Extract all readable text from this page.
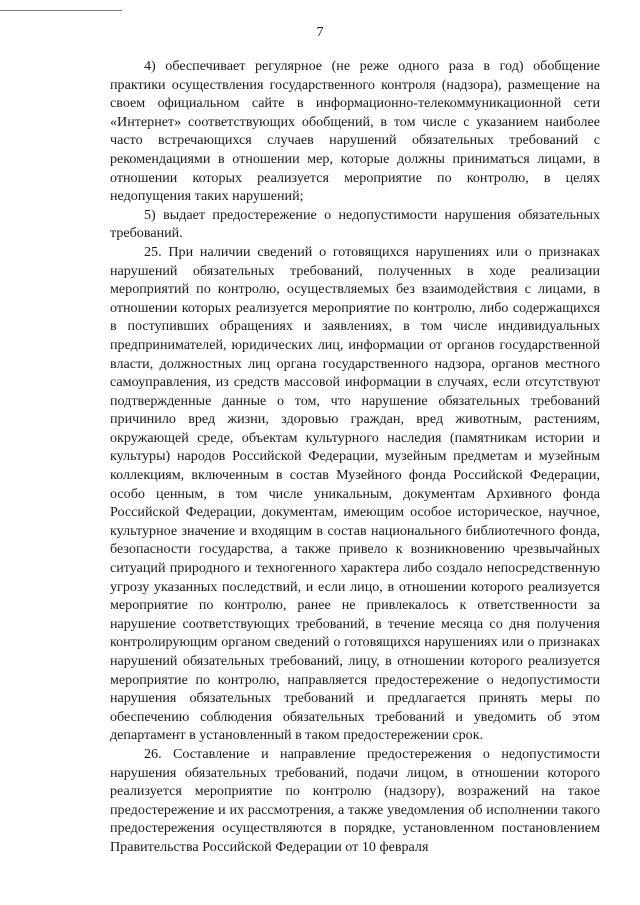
7

4) обеспечивает регулярное (не реже одного раза в год) обобщение практики осуществления государственного контроля (надзора), размещение на своем официальном сайте в информационно-телекоммуникационной сети «Интернет» соответствующих обобщений, в том числе с указанием наиболее часто встречающихся случаев нарушений обязательных требований с рекомендациями в отношении мер, которые должны приниматься лицами, в отношении которых реализуется мероприятие по контролю, в целях недопущения таких нарушений;

5) выдает предостережение о недопустимости нарушения обязательных требований.

25. При наличии сведений о готовящихся нарушениях или о признаках нарушений обязательных требований, полученных в ходе реализации мероприятий по контролю, осуществляемых без взаимодействия с лицами, в отношении которых реализуется мероприятие по контролю, либо содержащихся в поступивших обращениях и заявлениях, в том числе индивидуальных предпринимателей, юридических лиц, информации от органов государственной власти, должностных лиц органа государственного надзора, органов местного самоуправления, из средств массовой информации в случаях, если отсутствуют подтвержденные данные о том, что нарушение обязательных требований причинило вред жизни, здоровью граждан, вред животным, растениям, окружающей среде, объектам культурного наследия (памятникам истории и культуры) народов Российской Федерации, музейным предметам и музейным коллекциям, включенным в состав Музейного фонда Российской Федерации, особо ценным, в том числе уникальным, документам Архивного фонда Российской Федерации, документам, имеющим особое историческое, научное, культурное значение и входящим в состав национального библиотечного фонда, безопасности государства, а также привело к возникновению чрезвычайных ситуаций природного и техногенного характера либо создало непосредственную угрозу указанных последствий, и если лицо, в отношении которого реализуется мероприятие по контролю, ранее не привлекалось к ответственности за нарушение соответствующих требований, в течение месяца со дня получения контролирующим органом сведений о готовящихся нарушениях или о признаках нарушений обязательных требований, лицу, в отношении которого реализуется мероприятие по контролю, направляется предостережение о недопустимости нарушения обязательных требований и предлагается принять меры по обеспечению соблюдения обязательных требований и уведомить об этом департамент в установленный в таком предостережении срок.

26. Составление и направление предостережения о недопустимости нарушения обязательных требований, подачи лицом, в отношении которого реализуется мероприятие по контролю (надзору), возражений на такое предостережение и их рассмотрения, а также уведомления об исполнении такого предостережения осуществляются в порядке, установленном постановлением Правительства Российской Федерации от 10 февраля
